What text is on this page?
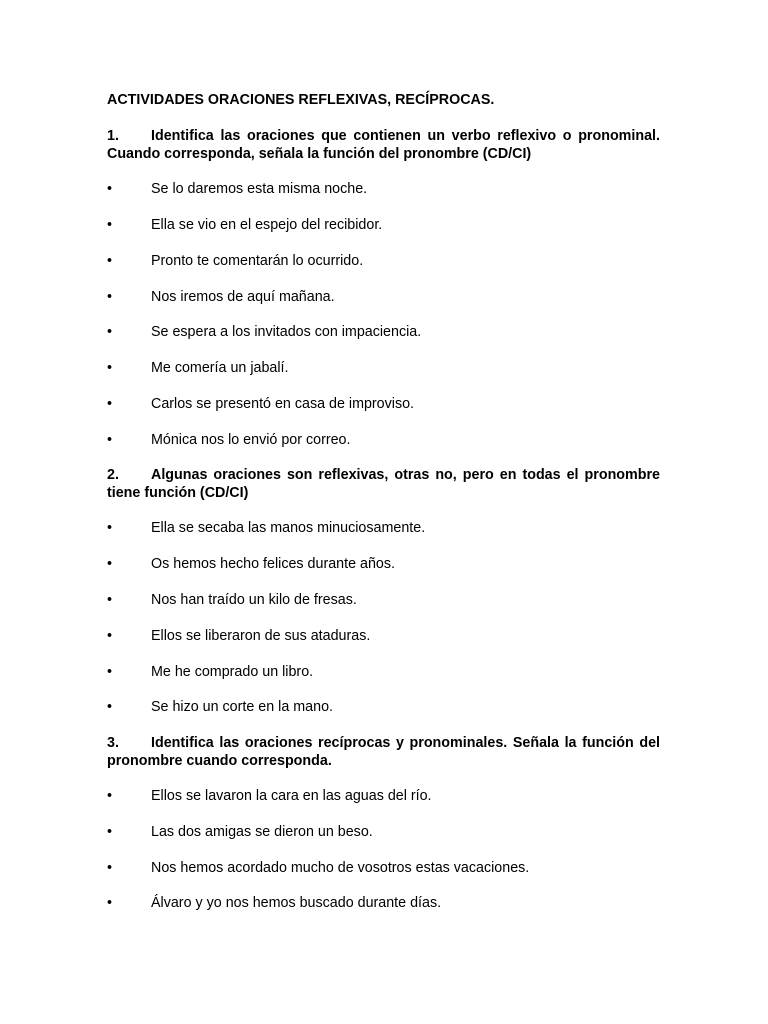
ACTIVIDADES ORACIONES REFLEXIVAS, RECÍPROCAS.
1. Identifica las oraciones que contienen un verbo reflexivo o pronominal. Cuando corresponda, señala la función del pronombre (CD/CI)
•	Se lo daremos esta misma noche.
•	Ella se vio en el espejo del recibidor.
•	Pronto te comentarán lo ocurrido.
•	Nos iremos de aquí mañana.
•	Se espera a los invitados con impaciencia.
•	Me comería un jabalí.
•	Carlos se presentó en casa de improviso.
•	Mónica nos lo envió por correo.
2. Algunas oraciones son reflexivas, otras no, pero en todas el pronombre tiene función (CD/CI)
•	Ella se secaba las manos minuciosamente.
•	Os hemos hecho felices durante años.
•	Nos han traído un kilo de fresas.
•	Ellos se liberaron de sus ataduras.
•	Me he comprado un libro.
•	Se hizo un corte en la mano.
3. Identifica las oraciones recíprocas y pronominales. Señala la función del pronombre cuando corresponda.
•	Ellos se lavaron la cara en las aguas del río.
•	Las dos amigas se dieron un beso.
•	Nos hemos acordado mucho de vosotros estas vacaciones.
•	Álvaro y yo nos hemos buscado durante días.
